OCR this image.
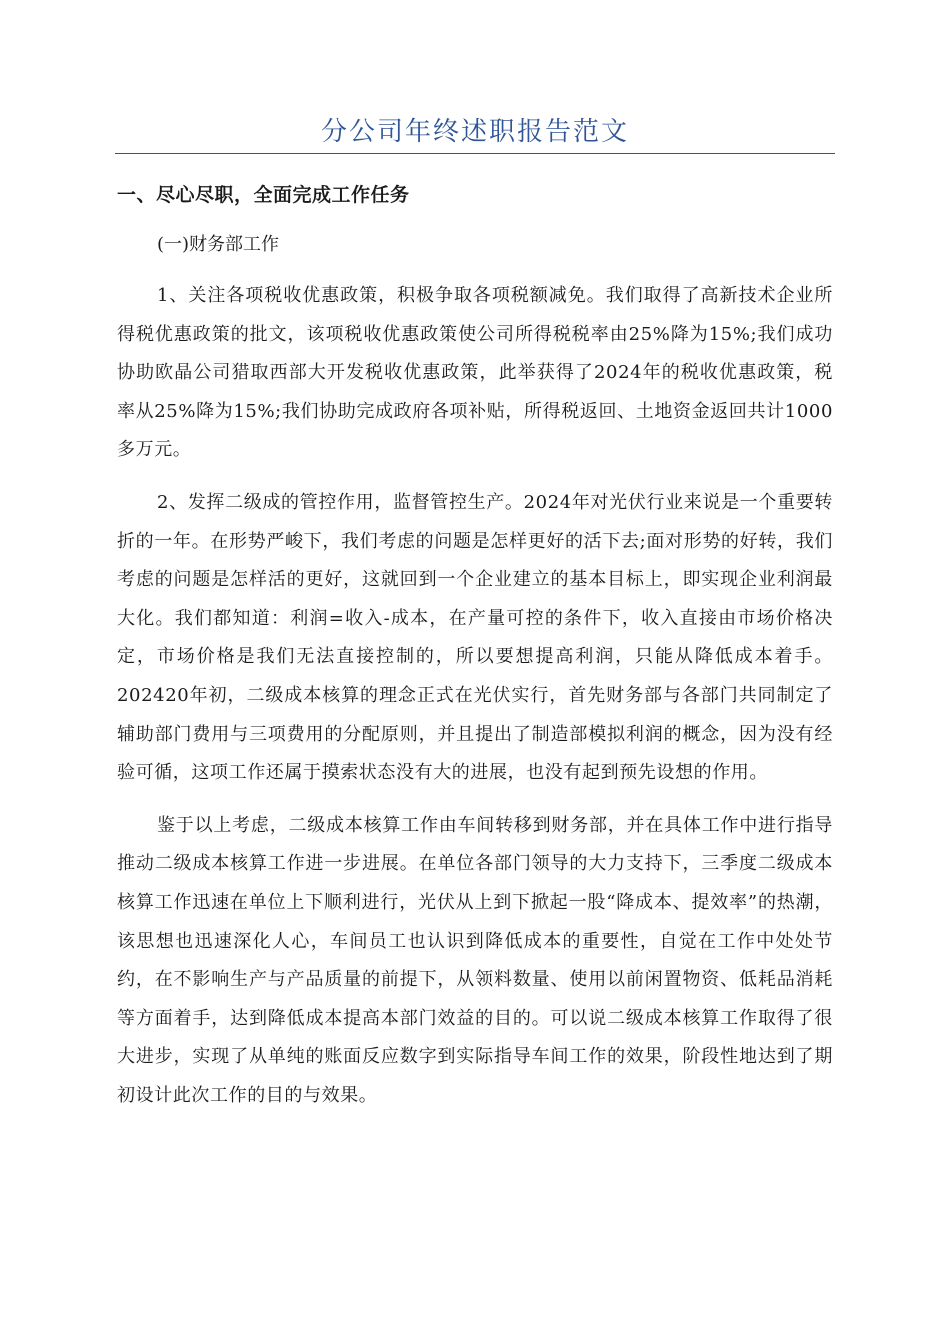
分公司年终述职报告范文
一、尽心尽职，全面完成工作任务
(一)财务部工作

1、关注各项税收优惠政策，积极争取各项税额减免。我们取得了高新技术企业所得税优惠政策的批文，该项税收优惠政策使公司所得税税率由25%降为15%;我们成功协助欧晶公司猎取西部大开发税收优惠政策，此举获得了2024年的税收优惠政策，税率从25%降为15%;我们协助完成政府各项补贴，所得税返回、土地资金返回共计1000多万元。

2、发挥二级成的管控作用，监督管控生产。2024年对光伏行业来说是一个重要转折的一年。在形势严峻下，我们考虑的问题是怎样更好的活下去;面对形势的好转，我们考虑的问题是怎样活的更好，这就回到一个企业建立的基本目标上，即实现企业利润最大化。我们都知道：利润=收入-成本，在产量可控的条件下，收入直接由市场价格决定，市场价格是我们无法直接控制的，所以要想提高利润，只能从降低成本着手。202420年初，二级成本核算的理念正式在光伏实行，首先财务部与各部门共同制定了辅助部门费用与三项费用的分配原则，并且提出了制造部模拟利润的概念，因为没有经验可循，这项工作还属于摸索状态没有大的进展，也没有起到预先设想的作用。

鉴于以上考虑，二级成本核算工作由车间转移到财务部，并在具体工作中进行指导推动二级成本核算工作进一步进展。在单位各部门领导的大力支持下，三季度二级成本核算工作迅速在单位上下顺利进行，光伏从上到下掀起一股“降成本、提效率”的热潮，该思想也迅速深化人心，车间员工也认识到降低成本的重要性，自觉在工作中处处节约，在不影响生产与产品质量的前提下，从领料数量、使用以前闲置物资、低耗品消耗等方面着手，达到降低成本提高本部门效益的目的。可以说二级成本核算工作取得了很大进步，实现了从单纯的账面反应数字到实际指导车间工作的效果，阶段性地达到了期初设计此次工作的目的与效果。
